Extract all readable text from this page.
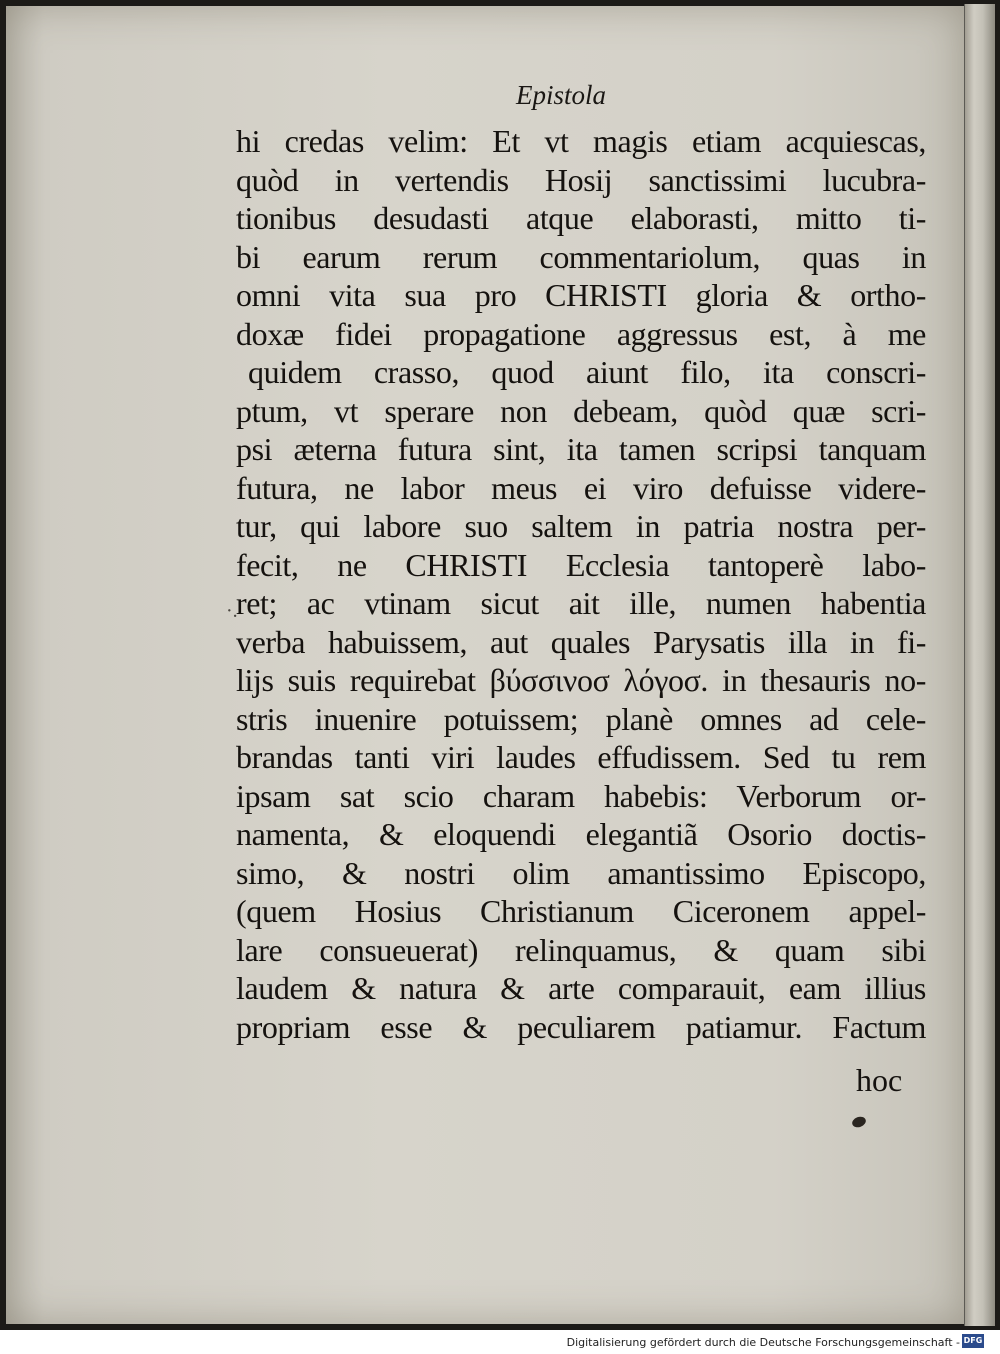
Epistola
·.
hi credas velim: Et vt magis etiam acquiescas,
quòd in vertendis Hosij sanctissimi lucubra-
tionibus desudasti atque elaborasti, mitto ti-
bi earum rerum commentariolum, quas in
omni vita sua pro CHRISTI gloria & ortho-
doxæ fidei propagatione aggressus est, à me
quidem crasso, quod aiunt filo, ita conscri-
ptum, vt sperare non debeam, quòd quæ scri-
psi æterna futura sint, ita tamen scripsi tanquam
futura, ne labor meus ei viro defuisse videre-
tur, qui labore suo saltem in patria nostra per-
fecit, ne CHRISTI Ecclesia tantoperè labo-
ret; ac vtinam sicut ait ille, numen habentia
verba habuissem, aut quales Parysatis illa in fi-
lijs suis requirebat βύσσινοσ λόγοσ. in thesauris no-
stris inuenire potuissem; planè omnes ad cele-
brandas tanti viri laudes effudissem. Sed tu rem
ipsam sat scio charam habebis: Verborum or-
namenta, & eloquendi elegantiã Osorio doctis-
simo, & nostri olim amantissimo Episcopo,
(quem Hosius Christianum Ciceronem appel-
lare consueuerat) relinquamus, & quam sibi
laudem & natura & arte comparauit, eam illius
propriam esse & peculiarem patiamur. Factum

hoc

Digitalisierung gefördert durch die Deutsche Forschungsgemeinschaft - DFG
